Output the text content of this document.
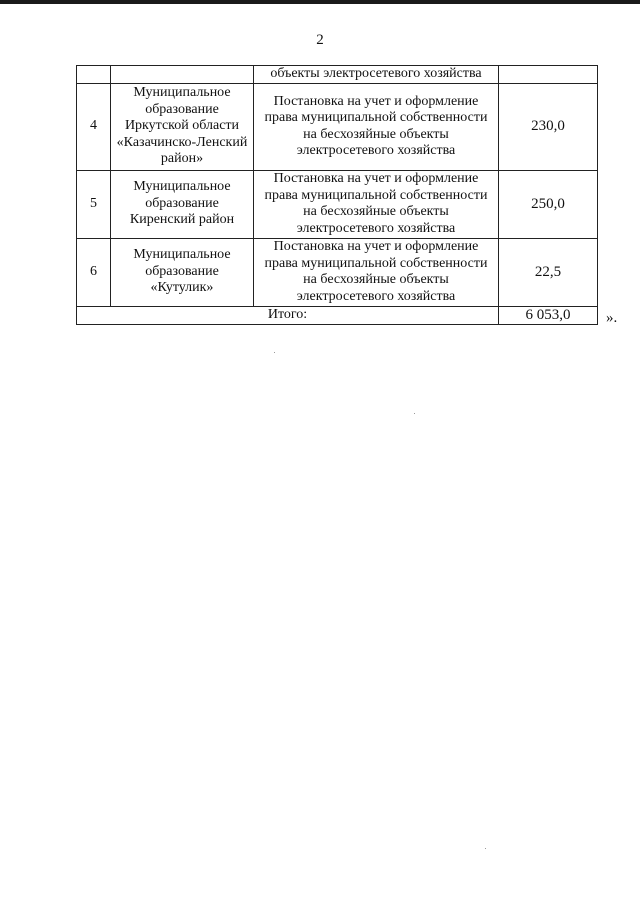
2
		объекты электросетевого хозяйства	
4	Муниципальное образование Иркутской области «Казачинско-Ленский район»	Постановка на учет и оформление права муниципальной собственности на бесхозяйные объекты электросетевого хозяйства	230,0
5	Муниципальное образование Киренский район	Постановка на учет и оформление права муниципальной собственности на бесхозяйные объекты электросетевого хозяйства	250,0
6	Муниципальное образование «Кутулик»	Постановка на учет и оформление права муниципальной собственности на бесхозяйные объекты электросетевого хозяйства	22,5
Итого:			6 053,0 ».
